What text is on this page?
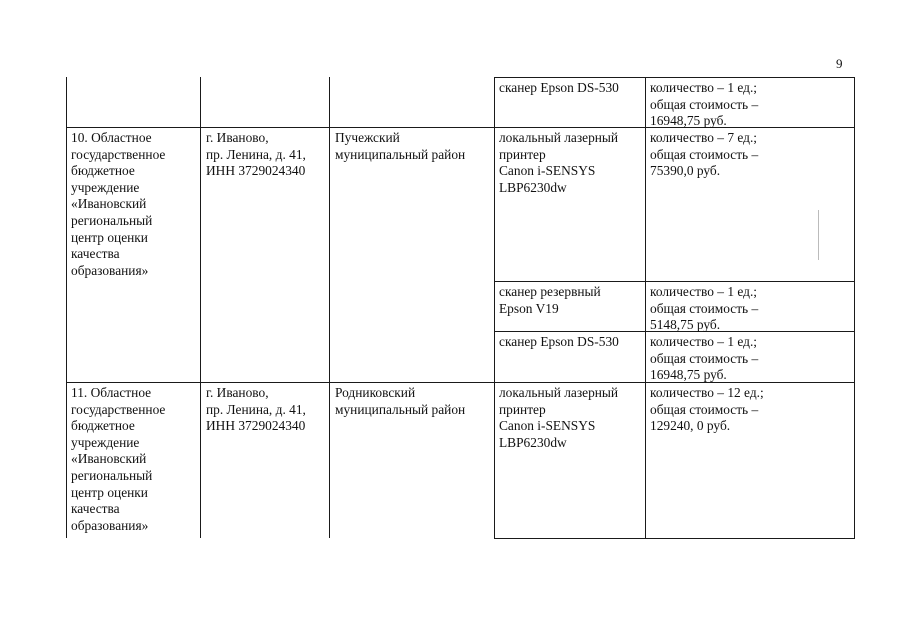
9
сканер Epson DS-530 количество – 1 ед.;
общая стоимость –
16948,75 руб.
10. Областное
государственное
бюджетное
учреждение
«Ивановский
региональный
центр оценки
качества
образования»
г. Иваново,
пр. Ленина, д. 41,
ИНН 3729024340
Пучежский
муниципальный район
локальный лазерный
принтер
Canon i-SENSYS
LBP6230dw
количество – 7 ед.;
общая стоимость –
75390,0 руб.
сканер резервный
Epson V19
количество – 1 ед.;
общая стоимость –
5148,75 руб.
сканер Epson DS-530 количество – 1 ед.;
общая стоимость –
16948,75 руб.
11. Областное
государственное
бюджетное
учреждение
«Ивановский
региональный
центр оценки
качества
образования»
г. Иваново,
пр. Ленина, д. 41,
ИНН 3729024340
Родниковский
муниципальный район
локальный лазерный
принтер
Canon i-SENSYS
LBP6230dw
количество – 12 ед.;
общая стоимость –
129240, 0 руб.
